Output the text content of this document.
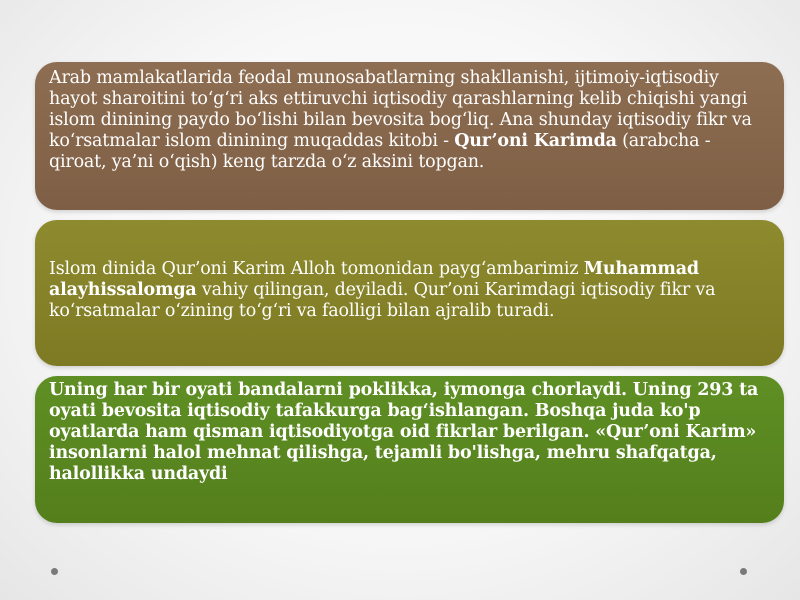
Arab mamlakatlarida feodal munosabatlarning shakllanishi, ijtimoiy-iqtisodiy hayot sharoitini to‘g‘ri aks ettiruvchi iqtisodiy qarashlarning kelib chiqishi yangi islom dinining paydo bo‘lishi bilan bevosita bog‘liq. Ana shunday iqtisodiy fikr va ko‘rsatmalar islom dinining muqaddas kitobi - Qur’oni Karimda (arabcha - qiroat, ya’ni o‘qish) keng tarzda o‘z aksini topgan.

Islom dinida Qur’oni Karim Alloh tomonidan payg‘ambarimiz Muhammad alayhissalomga vahiy qilingan, deyiladi. Qur’oni Karimdagi iqtisodiy fikr va ko‘rsatmalar o‘zining to‘g‘ri va faolligi bilan ajralib turadi.

Uning har bir oyati bandalarni poklikka, iymonga chorlaydi. Uning 293 ta oyati bevosita iqtisodiy tafakkurga bag‘ishlangan. Boshqa juda ko'p oyatlarda ham qisman iqtisodiyotga oid fikrlar berilgan. «Qur’oni Karim» insonlarni halol mehnat qilishga, tejamli bo'lishga, mehru shafqatga, halollikka undaydi
